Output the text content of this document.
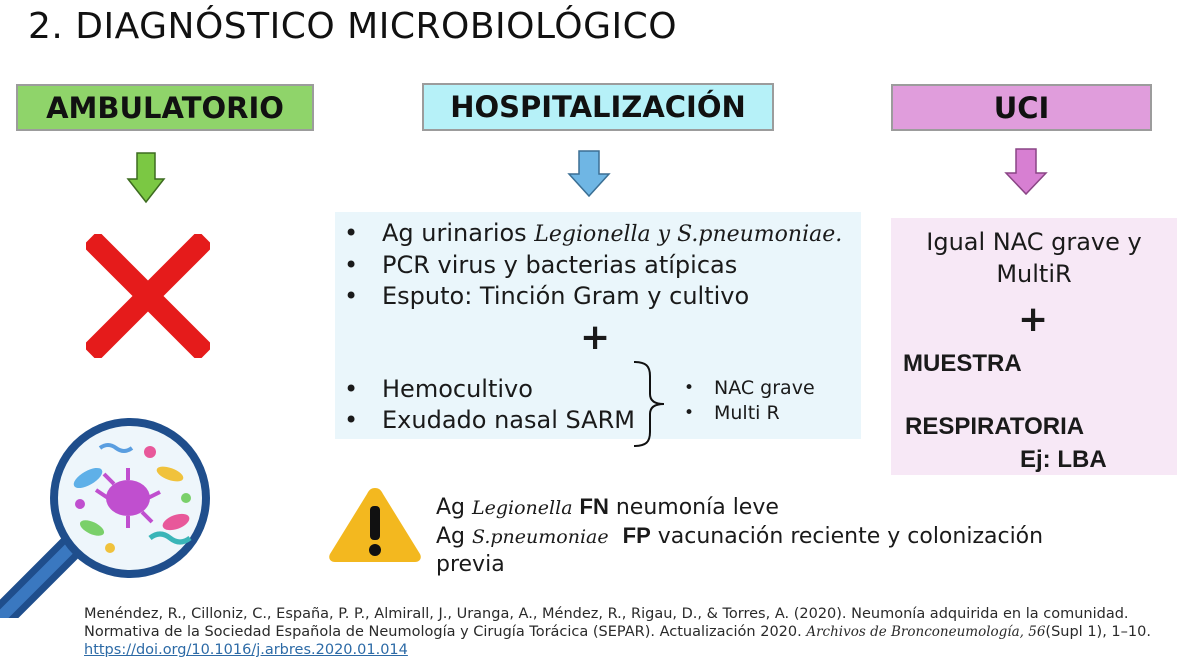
2. DIAGNÓSTICO MICROBIOLÓGICO
AMBULATORIO	HOSPITALIZACIÓN	UCI
• Ag urinarios Legionella y S.pneumoniae.
• PCR virus y bacterias atípicas
• Esputo: Tinción Gram y cultivo
+
• Hemocultivo
• Exudado nasal SARM
• NAC grave
• Multi R
Igual NAC grave y
MultiR
+
MUESTRA
RESPIRATORIA
Ej: LBA
Ag Legionella FN neumonía leve
Ag S.pneumoniae FP vacunación reciente y colonización
previa
Menéndez, R., Cilloniz, C., España, P. P., Almirall, J., Uranga, A., Méndez, R., Rigau, D., & Torres, A. (2020). Neumonía adquirida en la comunidad.
Normativa de la Sociedad Española de Neumología y Cirugía Torácica (SEPAR). Actualización 2020. Archivos de Bronconeumología, 56(Supl 1), 1–10.
https://doi.org/10.1016/j.arbres.2020.01.014
